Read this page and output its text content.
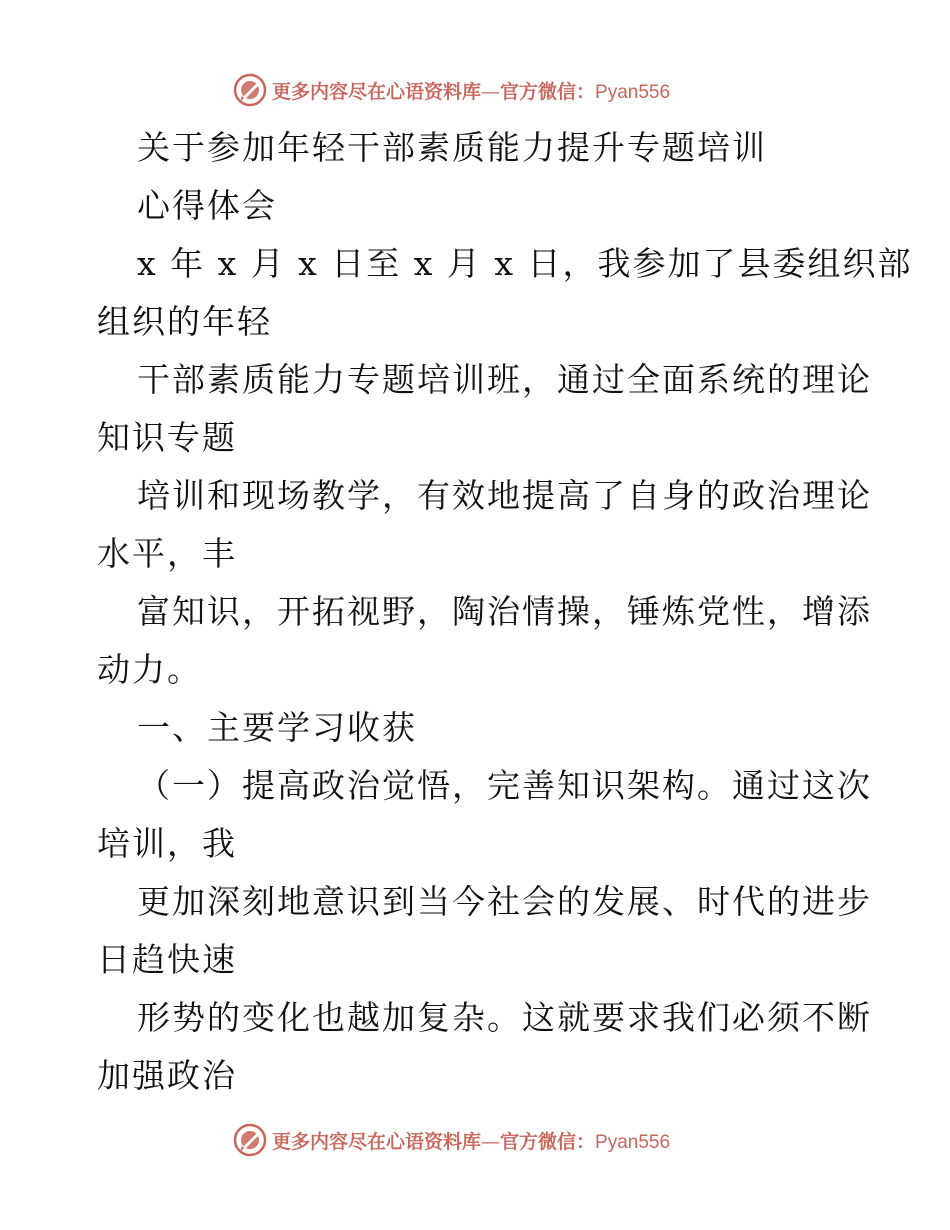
更多内容尽在心语资料库—官方微信：Pyan556
关于参加年轻干部素质能力提升专题培训
心得体会
x 年 x 月 x 日至 x 月 x 日，我参加了县委组织部
组织的年轻
干部素质能力专题培训班，通过全面系统的理论
知识专题
培训和现场教学，有效地提高了自身的政治理论
水平，丰
富知识，开拓视野，陶治情操，锤炼党性，增添
动力。
一、主要学习收获
（一）提高政治觉悟，完善知识架构。通过这次
培训，我
更加深刻地意识到当今社会的发展、时代的进步
日趋快速
形势的变化也越加复杂。这就要求我们必须不断
加强政治
更多内容尽在心语资料库—官方微信：Pyan556
